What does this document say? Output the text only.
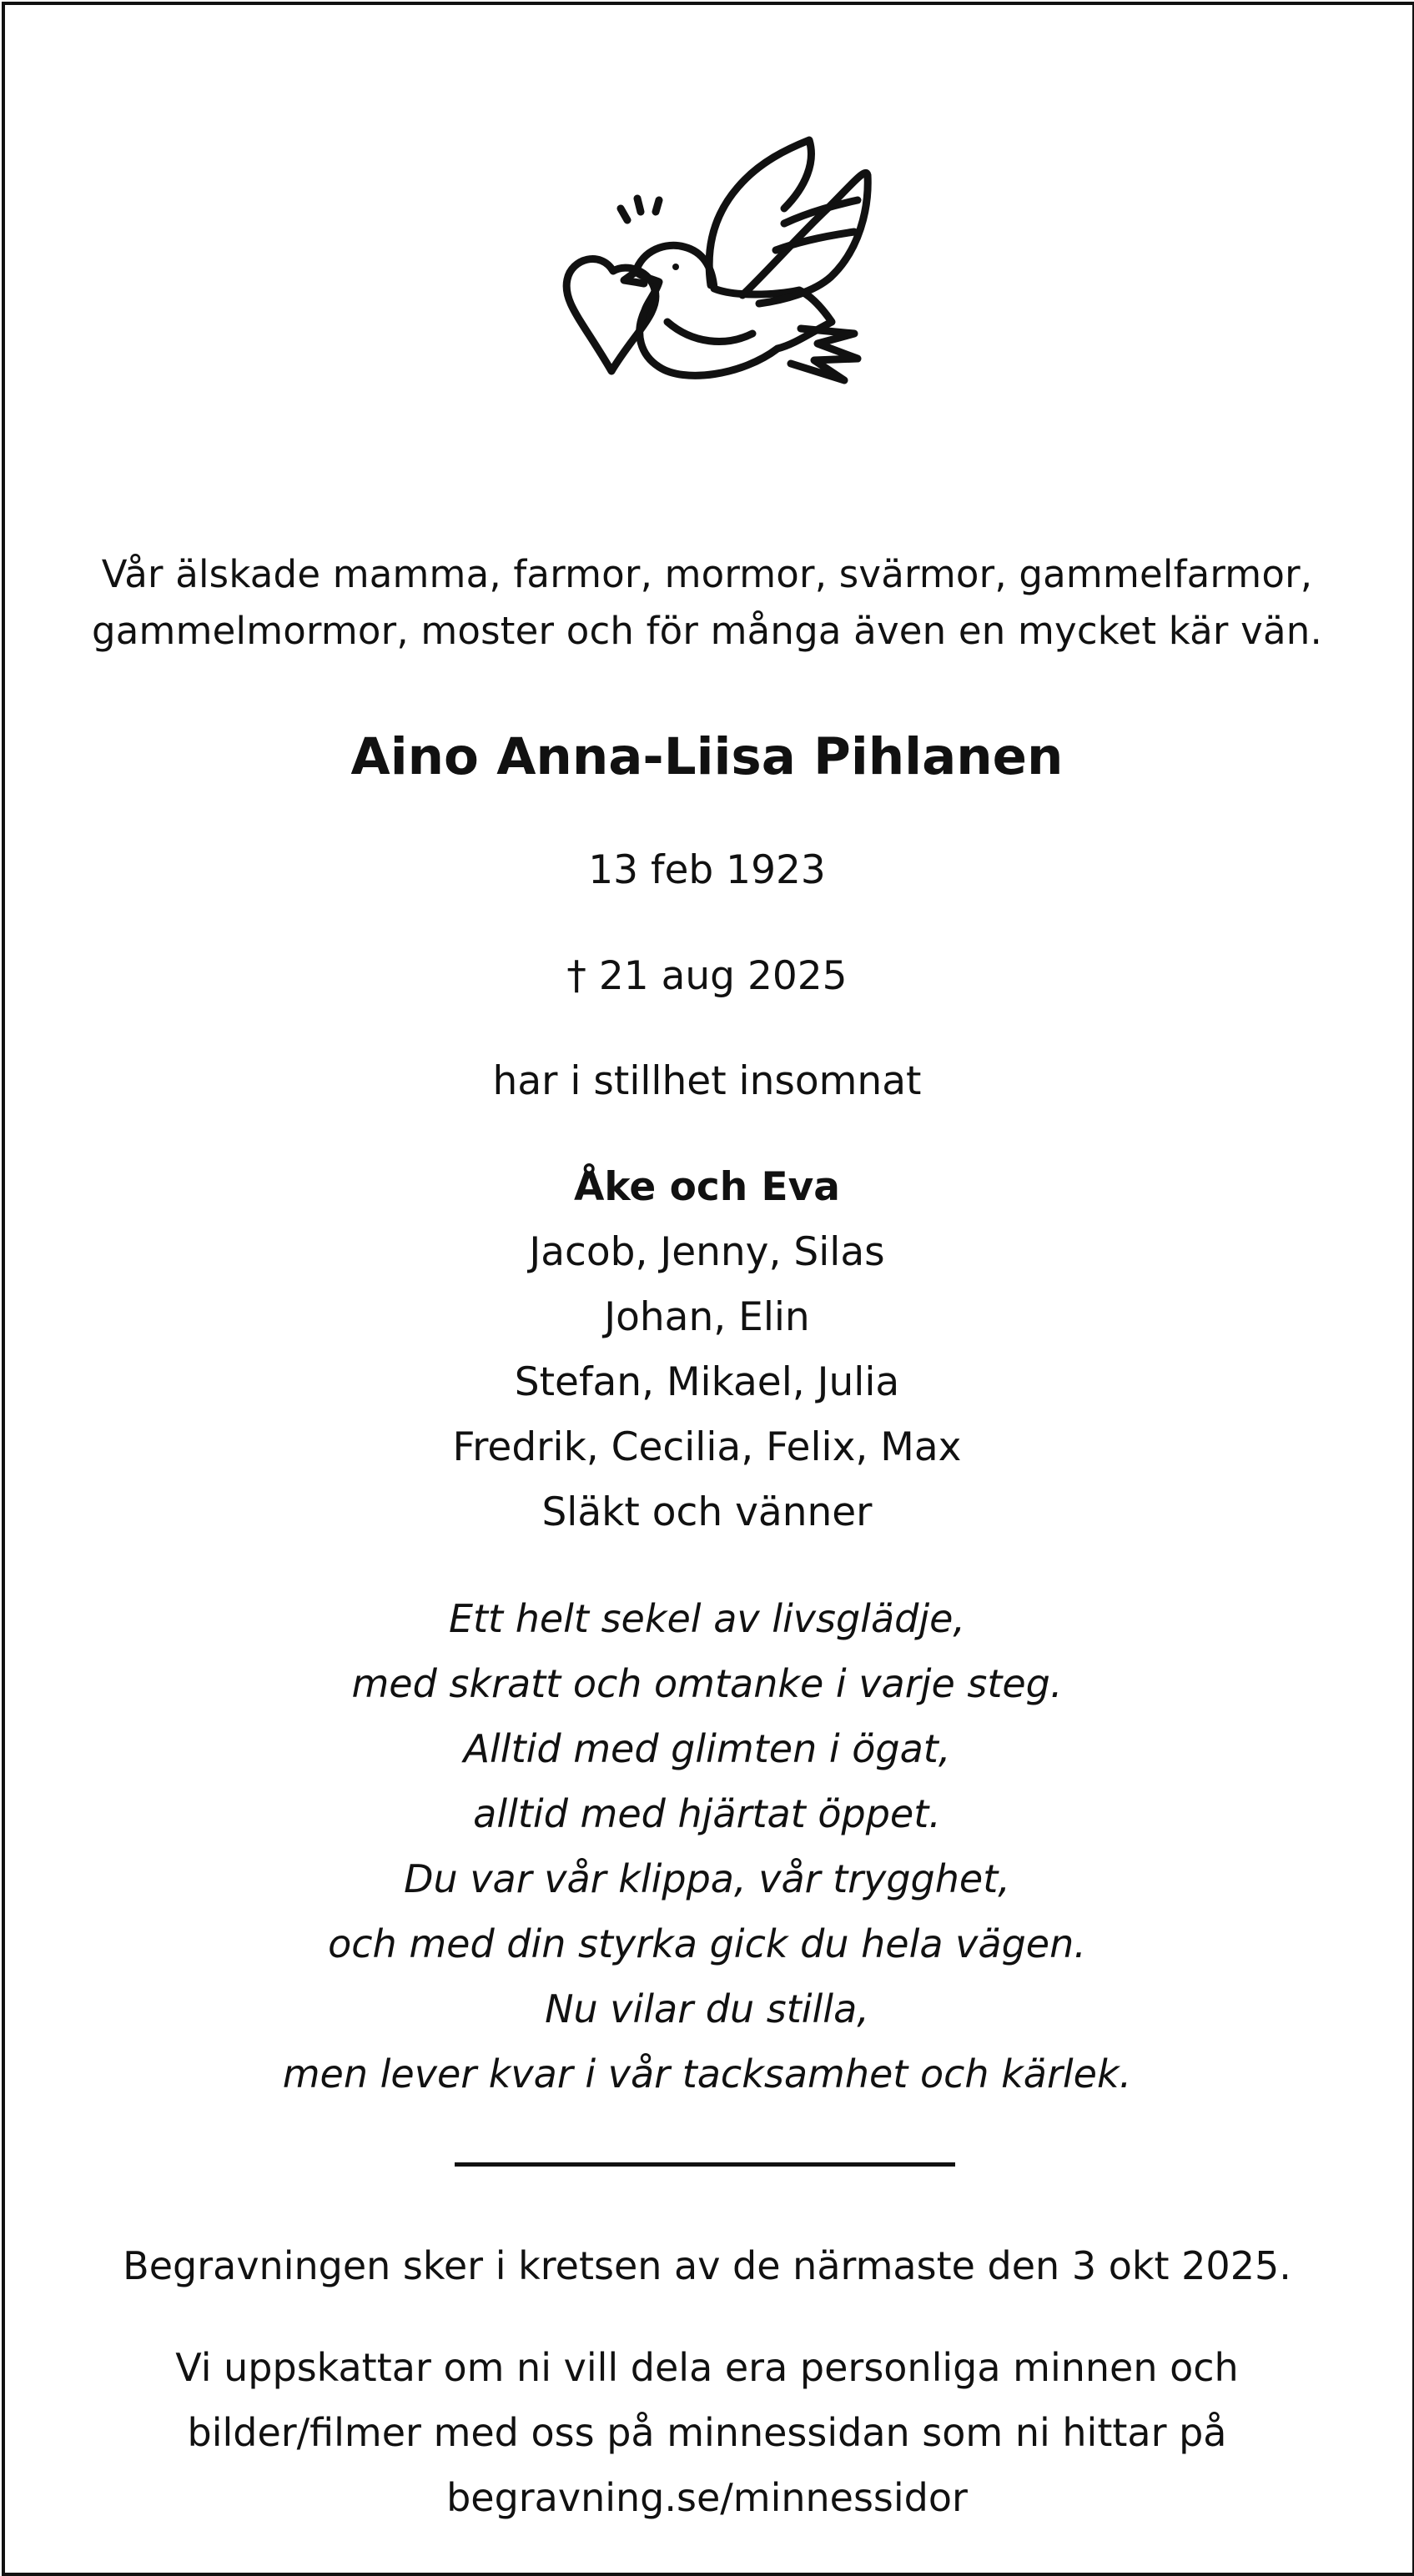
Vår älskade mamma, farmor, mormor, svärmor, gammelfarmor,
gammelmormor, moster och för många även en mycket kär vän.
Aino Anna-Liisa Pihlanen
13 feb 1923
† 21 aug 2025
har i stillhet insomnat
Åke och Eva
Jacob, Jenny, Silas
Johan, Elin
Stefan, Mikael, Julia
Fredrik, Cecilia, Felix, Max
Släkt och vänner
Ett helt sekel av livsglädje,
med skratt och omtanke i varje steg.
Alltid med glimten i ögat,
alltid med hjärtat öppet.
Du var vår klippa, vår trygghet,
och med din styrka gick du hela vägen.
Nu vilar du stilla,
men lever kvar i vår tacksamhet och kärlek.
Begravningen sker i kretsen av de närmaste den 3 okt 2025.
Vi uppskattar om ni vill dela era personliga minnen och
bilder/filmer med oss på minnessidan som ni hittar på
begravning.se/minnessidor
